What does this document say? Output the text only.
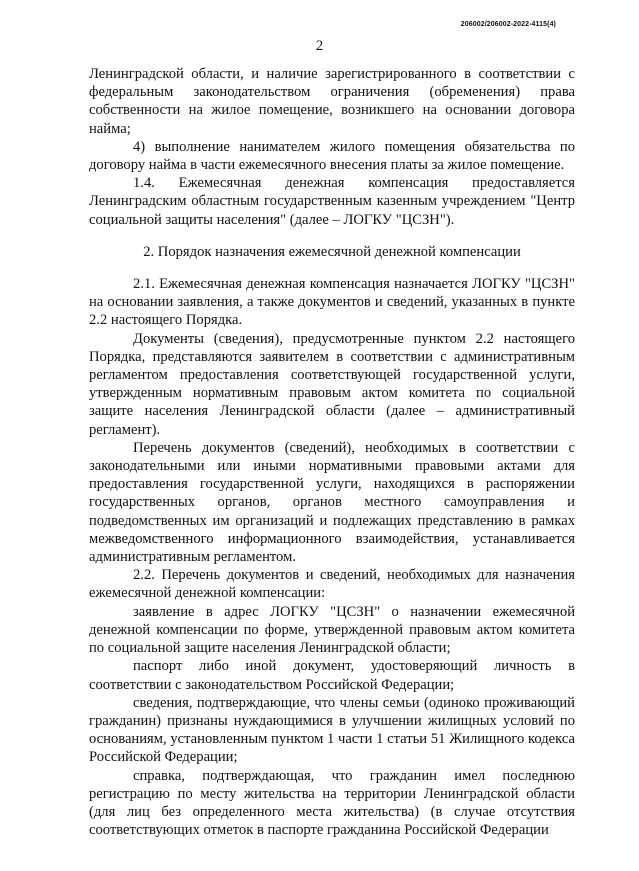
206002/206002-2022-4115(4)
2

Ленинградской области, и наличие зарегистрированного в соответствии с федеральным законодательством ограничения (обременения) права собственности на жилое помещение, возникшего на основании договора найма;

4) выполнение нанимателем жилого помещения обязательства по договору найма в части ежемесячного внесения платы за жилое помещение.

1.4. Ежемесячная денежная компенсация предоставляется Ленинградским областным государственным казенным учреждением "Центр социальной защиты населения" (далее – ЛОГКУ "ЦСЗН").

2. Порядок назначения ежемесячной денежной компенсации

2.1. Ежемесячная денежная компенсация назначается ЛОГКУ "ЦСЗН" на основании заявления, а также документов и сведений, указанных в пункте 2.2 настоящего Порядка.

Документы (сведения), предусмотренные пунктом 2.2 настоящего Порядка, представляются заявителем в соответствии с административным регламентом предоставления соответствующей государственной услуги, утвержденным нормативным правовым актом комитета по социальной защите населения Ленинградской области (далее – административный регламент).

Перечень документов (сведений), необходимых в соответствии с законодательными или иными нормативными правовыми актами для предоставления государственной услуги, находящихся в распоряжении государственных органов, органов местного самоуправления и подведомственных им организаций и подлежащих представлению в рамках межведомственного информационного взаимодействия, устанавливается административным регламентом.

2.2. Перечень документов и сведений, необходимых для назначения ежемесячной денежной компенсации:

заявление в адрес ЛОГКУ "ЦСЗН" о назначении ежемесячной денежной компенсации по форме, утвержденной правовым актом комитета по социальной защите населения Ленинградской области;

паспорт либо иной документ, удостоверяющий личность в соответствии с законодательством Российской Федерации;

сведения, подтверждающие, что члены семьи (одиноко проживающий гражданин) признаны нуждающимися в улучшении жилищных условий по основаниям, установленным пунктом 1 части 1 статьи 51 Жилищного кодекса Российской Федерации;

справка, подтверждающая, что гражданин имел последнюю регистрацию по месту жительства на территории Ленинградской области (для лиц без определенного места жительства) (в случае отсутствия соответствующих отметок в паспорте гражданина Российской Федерации
